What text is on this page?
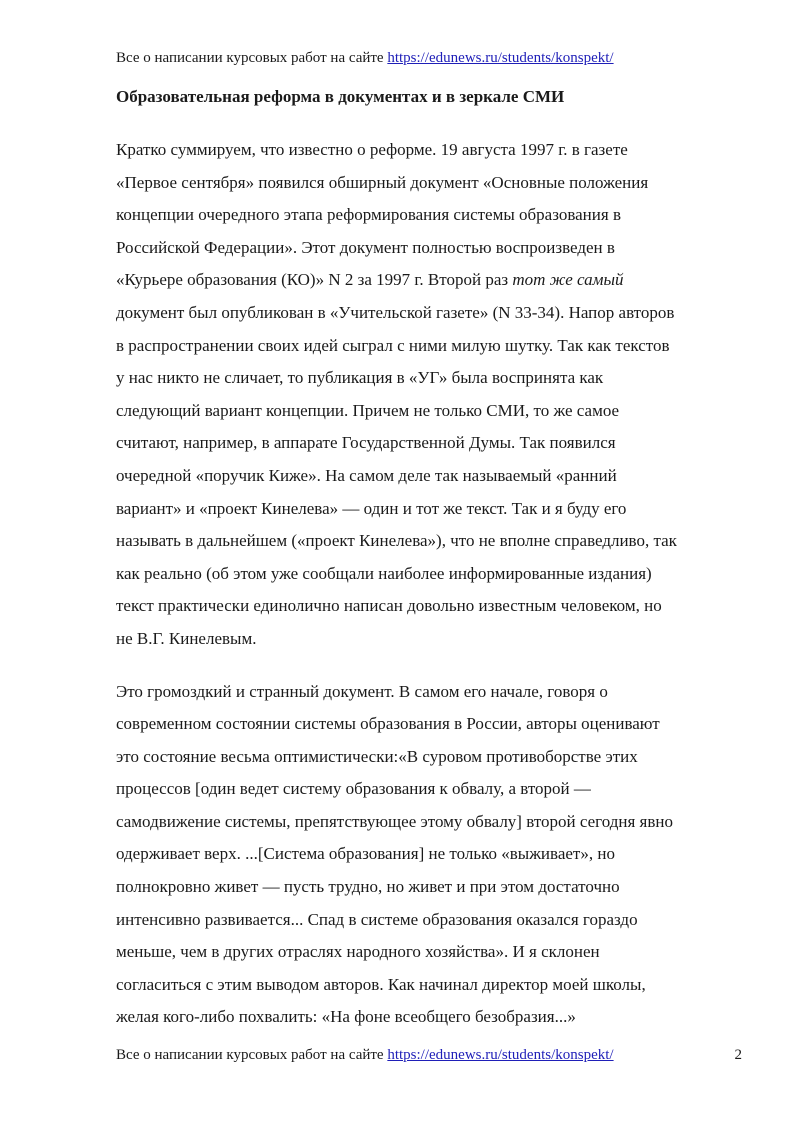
Все о написании курсовых работ на сайте https://edunews.ru/students/konspekt/
Образовательная реформа в документах и в зеркале СМИ
Кратко суммируем, что известно о реформе. 19 августа 1997 г. в газете
«Первое сентября» появился обширный документ «Основные положения
концепции очередного этапа реформирования системы образования в
Российской Федерации». Этот документ полностью воспроизведен в
«Курьере образования (КО)» N 2 за 1997 г. Второй раз тот же самый
документ был опубликован в «Учительской газете» (N 33-34). Напор авторов
в распространении своих идей сыграл с ними милую шутку. Так как текстов
у нас никто не сличает, то публикация в «УГ» была воспринята как
следующий вариант концепции. Причем не только СМИ, то же самое
считают, например, в аппарате Государственной Думы. Так появился
очередной «поручик Киже». На самом деле так называемый «ранний
вариант» и «проект Кинелева» — один и тот же текст. Так и я буду его
называть в дальнейшем («проект Кинелева»), что не вполне справедливо, так
как реально (об этом уже сообщали наиболее информированные издания)
текст практически единолично написан довольно известным человеком, но
не В.Г. Кинелевым.
Это громоздкий и странный документ. В самом его начале, говоря о
современном состоянии системы образования в России, авторы оценивают
это состояние весьма оптимистически:«В суровом противоборстве этих
процессов [один ведет систему образования к обвалу, а второй —
самодвижение системы, препятствующее этому обвалу] второй сегодня явно
одерживает верх. ...[Система образования] не только «выживает», но
полнокровно живет — пусть трудно, но живет и при этом достаточно
интенсивно развивается... Спад в системе образования оказался гораздо
меньше, чем в других отраслях народного хозяйства». И я склонен
согласиться с этим выводом авторов. Как начинал директор моей школы,
желая кого-либо похвалить: «На фоне всеобщего безобразия...»
Все о написании курсовых работ на сайте https://edunews.ru/students/konspekt/	2
